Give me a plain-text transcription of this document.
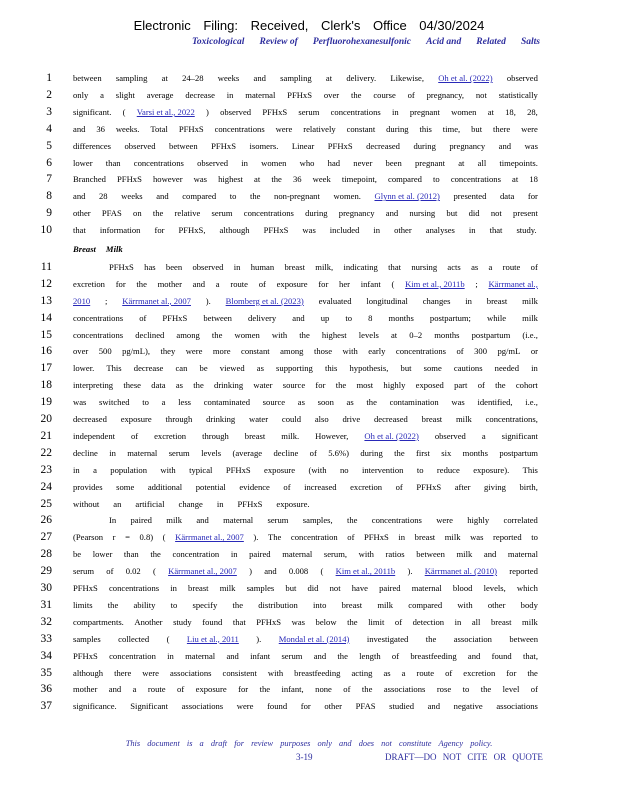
Electronic Filing: Received, Clerk's Office 04/30/2024
Toxicological Review of Perfluorohexanesulfonic Acid and Related Salts
Breast Milk
1 between sampling at 24–28 weeks and sampling at delivery. Likewise, Oh et al. (2022) observed
2 only a slight average decrease in maternal PFHxS over the course of pregnancy, not statistically
3 significant. ( Varsi et al., 2022 ) observed PFHxS serum concentrations in pregnant women at 18, 28,
4 and 36 weeks. Total PFHxS concentrations were relatively constant during this time, but there were
5 differences observed between PFHxS isomers. Linear PFHxS decreased during pregnancy and was
6 lower than concentrations observed in women who had never been pregnant at all timepoints.
7 Branched PFHxS however was highest at the 36 week timepoint, compared to concentrations at 18
8 and 28 weeks and compared to the non-pregnant women. Glynn et al. (2012) presented data for
9 other PFAS on the relative serum concentrations during pregnancy and nursing but did not present
10 that information for PFHxS, although PFHxS was included in other analyses in that study.
11	PFHxS has been observed in human breast milk, indicating that nursing acts as a route of
12 excretion for the mother and a route of exposure for her infant ( Kim et al., 2011b ; Kärrmanet al.,
13 2010 ; Kärrmanet al., 2007 ). Blomberg et al. (2023) evaluated longitudinal changes in breast milk
14 concentrations of PFHxS between delivery and up to 8 months postpartum; while milk
15 concentrations declined among the women with the highest levels at 0–2 months postpartum (i.e.,
16 over 500 pg/mL), they were more constant among those with early concentrations of 300 pg/mL or
17 lower. This decrease can be viewed as supporting this hypothesis, but some cautions needed in
18 interpreting these data as the drinking water source for the most highly exposed part of the cohort
19 was switched to a less contaminated source as soon as the contamination was identified, i.e.,
20 decreased exposure through drinking water could also drive decreased breast milk concentrations,
21 independent of excretion through breast milk. However, Oh et al. (2022) observed a significant
22 decline in maternal serum levels (average decline of 5.6%) during the first six months postpartum
23 in a population with typical PFHxS exposure (with no intervention to reduce exposure). This
24 provides some additional potential evidence of increased excretion of PFHxS after giving birth,
25 without an artificial change in PFHxS exposure.
26	In paired milk and maternal serum samples, the concentrations were highly correlated
27 (Pearson r = 0.8) ( Kärrmanet al., 2007 ). The concentration of PFHxS in breast milk was reported to
28 be lower than the concentration in paired maternal serum, with ratios between milk and maternal
29 serum of 0.02 ( Kärrmanet al., 2007 ) and 0.008 ( Kim et al., 2011b ). Kärrmanet al. (2010) reported
30 PFHxS concentrations in breast milk samples but did not have paired maternal blood levels, which
31 limits the ability to specify the distribution into breast milk compared with other body
32 compartments. Another study found that PFHxS was below the limit of detection in all breast milk
33 samples collected ( Liu et al., 2011 ). Mondal et al. (2014) investigated the association between
34 PFHxS concentration in maternal and infant serum and the length of breastfeeding and found that,
35 although there were associations consistent with breastfeeding acting as a route of excretion for the
36 mother and a route of exposure for the infant, none of the associations rose to the level of
37 significance. Significant associations were found for other PFAS studied and negative associations
This document is a draft for review purposes only and does not constitute Agency policy.
3-19	DRAFT—DO NOT CITE OR QUOTE
